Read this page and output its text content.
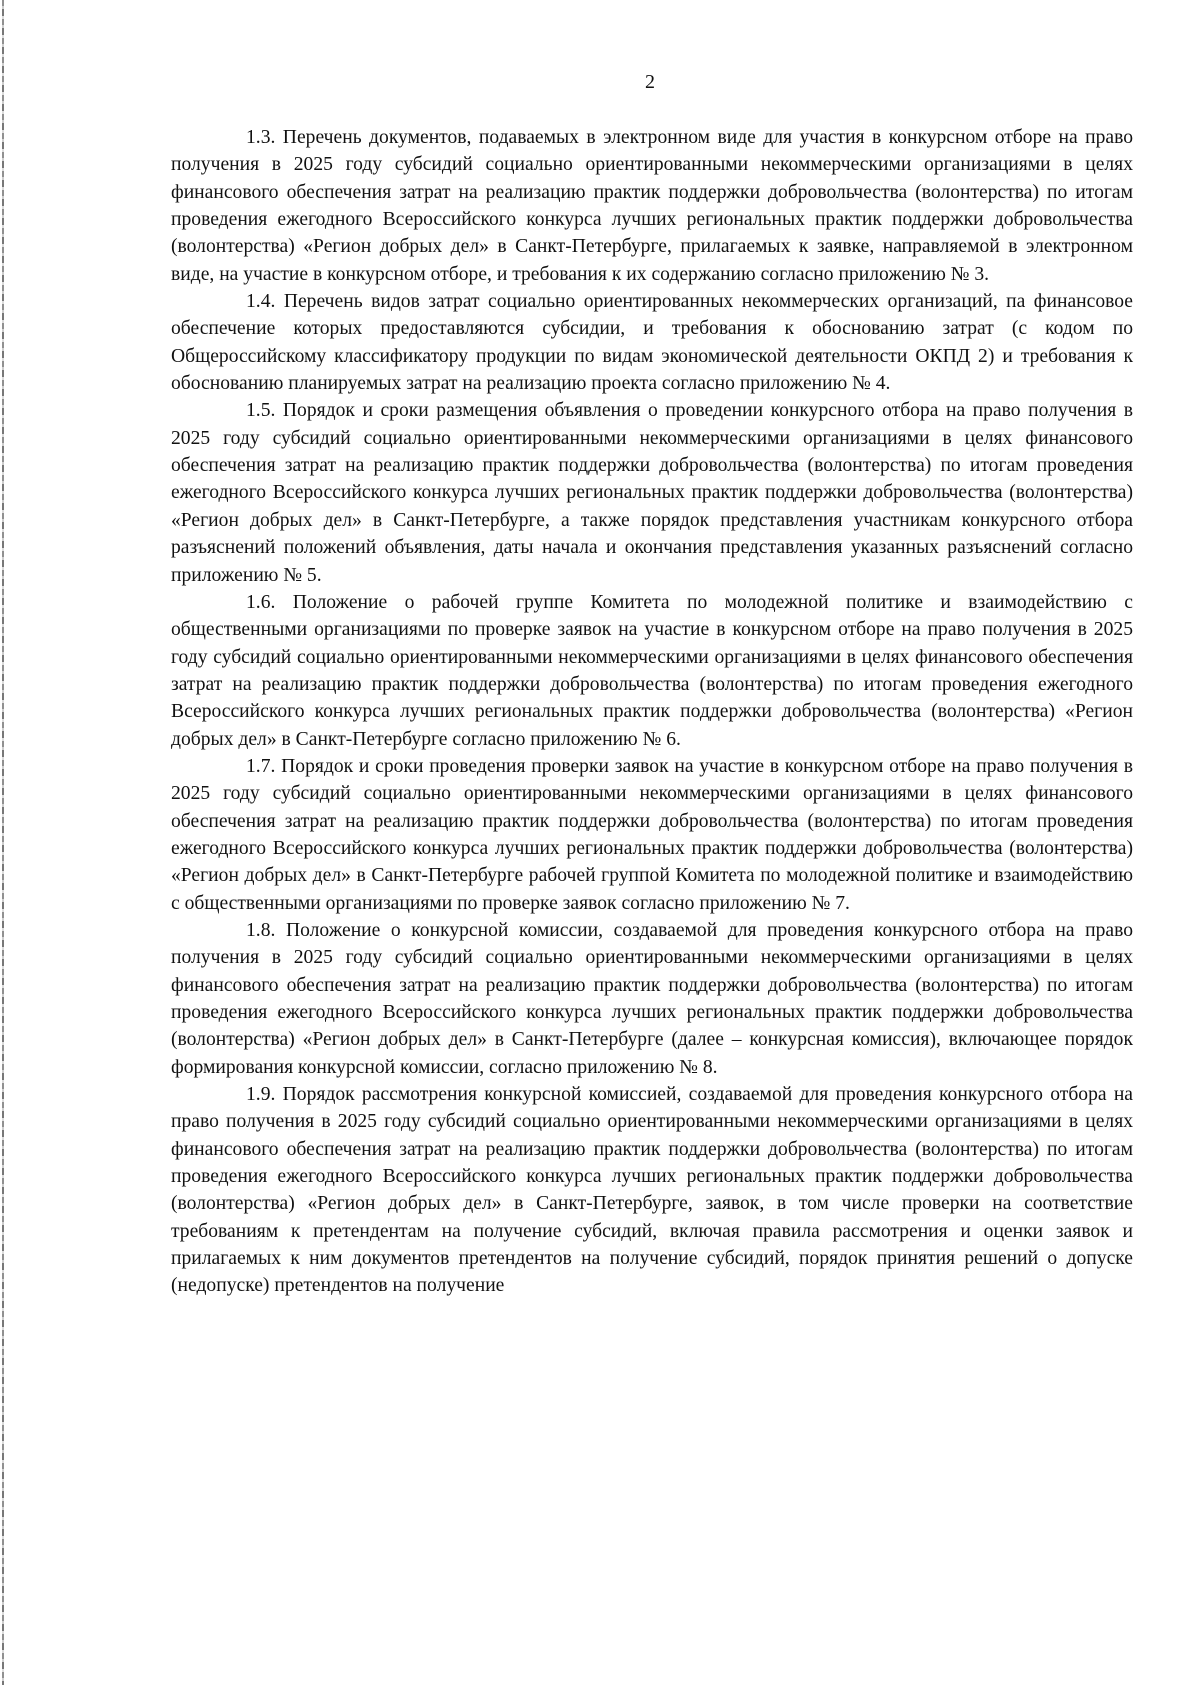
2

1.3. Перечень документов, подаваемых в электронном виде для участия в конкурсном отборе на право получения в 2025 году субсидий социально ориентированными некоммерческими организациями в целях финансового обеспечения затрат на реализацию практик поддержки добровольчества (волонтерства) по итогам проведения ежегодного Всероссийского конкурса лучших региональных практик поддержки добровольчества (волонтерства) «Регион добрых дел» в Санкт-Петербурге, прилагаемых к заявке, направляемой в электронном виде, на участие в конкурсном отборе, и требования к их содержанию согласно приложению № 3.

1.4. Перечень видов затрат социально ориентированных некоммерческих организаций, па финансовое обеспечение которых предоставляются субсидии, и требования к обоснованию затрат (с кодом по Общероссийскому классификатору продукции по видам экономической деятельности ОКПД 2) и требования к обоснованию планируемых затрат на реализацию проекта согласно приложению № 4.

1.5. Порядок и сроки размещения объявления о проведении конкурсного отбора на право получения в 2025 году субсидий социально ориентированными некоммерческими организациями в целях финансового обеспечения затрат на реализацию практик поддержки добровольчества (волонтерства) по итогам проведения ежегодного Всероссийского конкурса лучших региональных практик поддержки добровольчества (волонтерства) «Регион добрых дел» в Санкт-Петербурге, а также порядок представления участникам конкурсного отбора разъяснений положений объявления, даты начала и окончания представления указанных разъяснений согласно приложению № 5.

1.6. Положение о рабочей группе Комитета по молодежной политике и взаимодействию с общественными организациями по проверке заявок на участие в конкурсном отборе на право получения в 2025 году субсидий социально ориентированными некоммерческими организациями в целях финансового обеспечения затрат на реализацию практик поддержки добровольчества (волонтерства) по итогам проведения ежегодного Всероссийского конкурса лучших региональных практик поддержки добровольчества (волонтерства) «Регион добрых дел» в Санкт-Петербурге согласно приложению № 6.

1.7. Порядок и сроки проведения проверки заявок на участие в конкурсном отборе на право получения в 2025 году субсидий социально ориентированными некоммерческими организациями в целях финансового обеспечения затрат на реализацию практик поддержки добровольчества (волонтерства) по итогам проведения ежегодного Всероссийского конкурса лучших региональных практик поддержки добровольчества (волонтерства) «Регион добрых дел» в Санкт-Петербурге рабочей группой Комитета по молодежной политике и взаимодействию с общественными организациями по проверке заявок согласно приложению № 7.

1.8. Положение о конкурсной комиссии, создаваемой для проведения конкурсного отбора на право получения в 2025 году субсидий социально ориентированными некоммерческими организациями в целях финансового обеспечения затрат на реализацию практик поддержки добровольчества (волонтерства) по итогам проведения ежегодного Всероссийского конкурса лучших региональных практик поддержки добровольчества (волонтерства) «Регион добрых дел» в Санкт-Петербурге (далее – конкурсная комиссия), включающее порядок формирования конкурсной комиссии, согласно приложению № 8.

1.9. Порядок рассмотрения конкурсной комиссией, создаваемой для проведения конкурсного отбора на право получения в 2025 году субсидий социально ориентированными некоммерческими организациями в целях финансового обеспечения затрат на реализацию практик поддержки добровольчества (волонтерства) по итогам проведения ежегодного Всероссийского конкурса лучших региональных практик поддержки добровольчества (волонтерства) «Регион добрых дел» в Санкт-Петербурге, заявок, в том числе проверки на соответствие требованиям к претендентам на получение субсидий, включая правила рассмотрения и оценки заявок и прилагаемых к ним документов претендентов на получение субсидий, порядок принятия решений о допуске (недопуске) претендентов на получение
